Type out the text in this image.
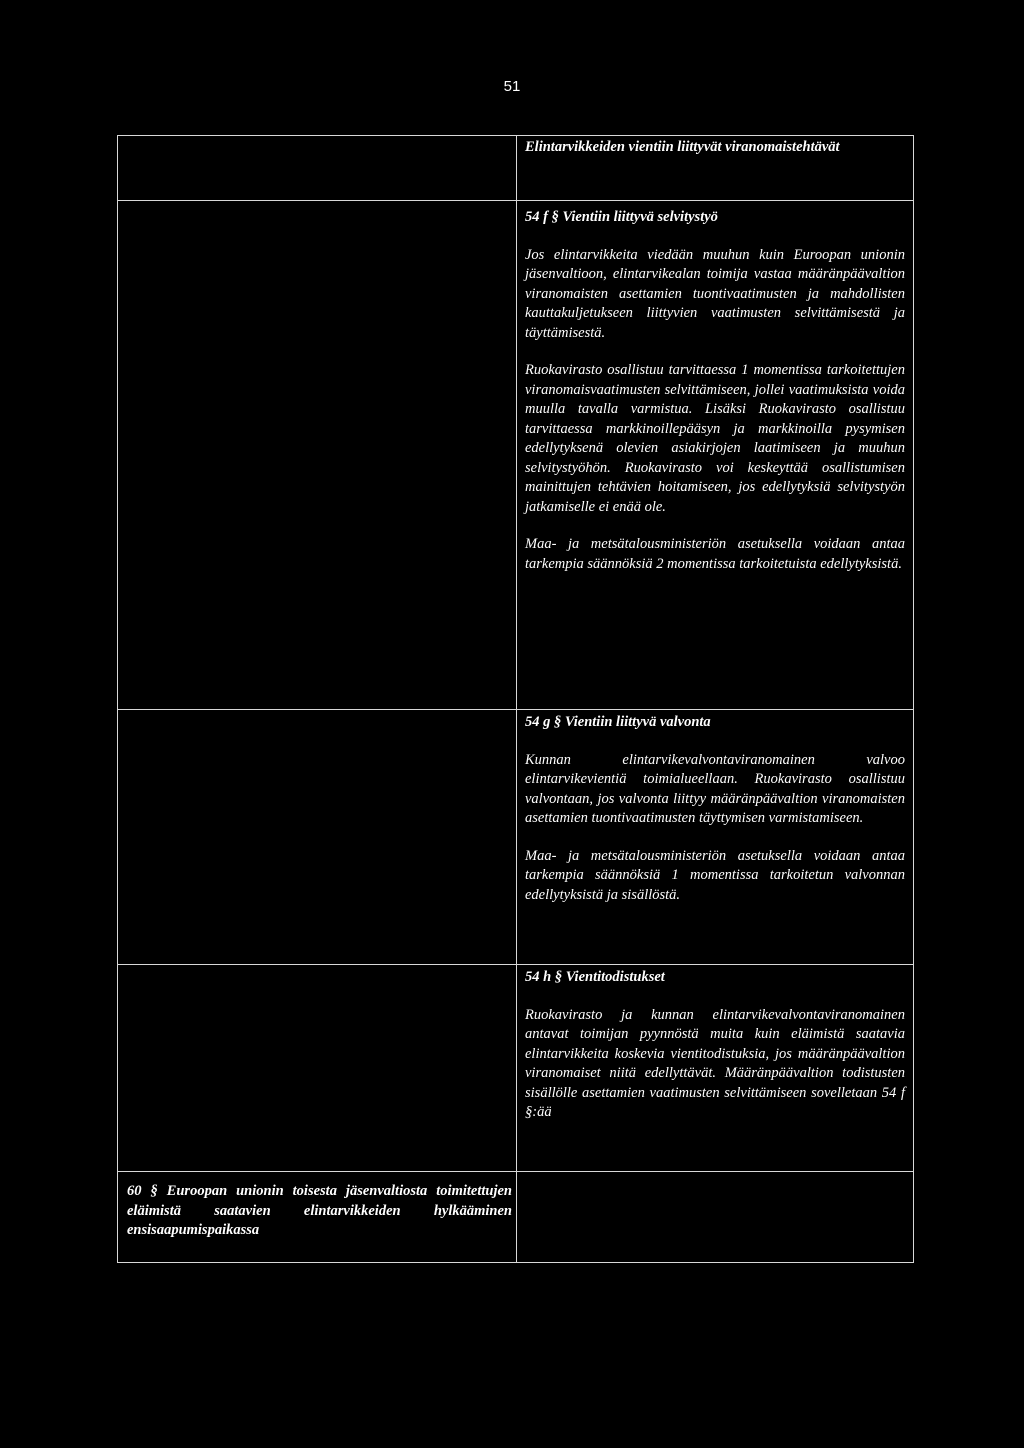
51

Elintarvikkeiden vientiin liittyvät viranomaistehtävät

54 f § Vientiin liittyvä selvitystyö

Jos elintarvikkeita viedään muuhun kuin Euroopan unionin jäsenvaltioon, elintarvikealan toimija vastaa määränpäävaltion viranomaisten asettamien tuontivaatimusten ja mahdollisten kauttakuljetukseen liittyvien vaatimusten selvittämisestä ja täyttämisestä.

Ruokavirasto osallistuu tarvittaessa 1 momentissa tarkoitettujen viranomaisvaatimusten selvittämiseen, jollei vaatimuksista voida muulla tavalla varmistua. Lisäksi Ruokavirasto osallistuu tarvittaessa markkinoillepääsyn ja markkinoilla pysymisen edellytyksenä olevien asiakirjojen laatimiseen ja muuhun selvitystyöhön. Ruokavirasto voi keskeyttää osallistumisen mainittujen tehtävien hoitamiseen, jos edellytyksiä selvitystyön jatkamiselle ei enää ole.

Maa- ja metsätalousministeriön asetuksella voidaan antaa tarkempia säännöksiä 2 momentissa tarkoitetuista edellytyksistä.

54 g § Vientiin liittyvä valvonta

Kunnan elintarvikevalvontaviranomainen valvoo elintarvikevientiä toimialueellaan. Ruokavirasto osallistuu valvontaan, jos valvonta liittyy määränpäävaltion viranomaisten asettamien tuontivaatimusten täyttymisen varmistamiseen.

Maa- ja metsätalousministeriön asetuksella voidaan antaa tarkempia säännöksiä 1 momentissa tarkoitetun valvonnan edellytyksistä ja sisällöstä.

54 h § Vientitodistukset

Ruokavirasto ja kunnan elintarvikevalvontaviranomainen antavat toimijan pyynnöstä muita kuin eläimistä saatavia elintarvikkeita koskevia vientitodistuksia, jos määränpäävaltion viranomaiset niitä edellyttävät. Määränpäävaltion todistusten sisällölle asettamien vaatimusten selvittämiseen sovelletaan 54 f §:ää

60 § Euroopan unionin toisesta jäsenvaltiosta toimitettujen eläimistä saatavien elintarvikkeiden hylkääminen ensisaapumispaikassa
